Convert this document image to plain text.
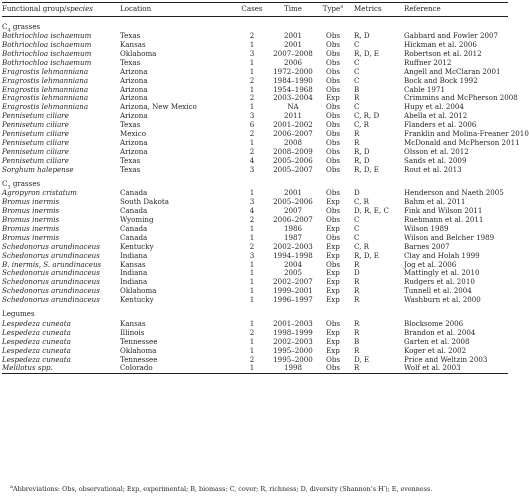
Functional group/species	Location	Cases	Time	Type$^a$	Metrics	Reference
$C_4$ grasses						
Bothriochloa ischaemum	Texas	2	2001	Obs	R, D	Gabbard and Fowler 2007
Bothriochloa ischaemum	Kansas	1	2001	Obs	C	Hickman et al. 2006
Bothriochloa ischaemum	Oklahoma	3	2007–2008	Obs	R, D, E	Robertson et al. 2012
Bothriochloa ischaemum	Texas	1	2006	Obs	C	Ruffner 2012
Eragrostis lehmanniana	Arizona	1	1972–2000	Obs	C	Angell and McClaran 2001
Eragrostis lehmanniana	Arizona	2	1984–1990	Obs	C	Bock and Bock 1992
Eragrostis lehmanniana	Arizona	1	1954–1968	Obs	B	Cable 1971
Eragrostis lehmanniana	Arizona	2	2003–2004	Exp	R	Crimmins and McPherson 2008
Eragrostis lehmanniana	Arizona, New Mexico	1	NA	Obs	C	Hupy et al. 2004
Pennisetum ciliare	Arizona	3	2011	Obs	C, R, D	Abella et al. 2012
Pennisetum ciliare	Texas	6	2001–2002	Obs	C, R	Flanders et al. 2006
Pennisetum ciliare	Mexico	2	2006–2007	Obs	R	Franklin and Molina-Freaner 2010
Pennisetum ciliare	Arizona	1	2008	Obs	R	McDonald and McPherson 2011
Pennisetum ciliare	Arizona	2	2008–2009	Obs	R, D	Olsson et al. 2012
Pennisetum ciliare	Texas	4	2005–2006	Obs	R, D	Sands et al. 2009
Sorghum halepense	Texas	3	2005–2007	Obs	R, D, E	Rout et al. 2013
$C_3$ grasses						
Agropyron cristatum	Canada	1	2001	Obs	D	Henderson and Naeth 2005
Bromus inermis	South Dakota	3	2005–2006	Exp	C, R	Bahm et al. 2011
Bromus inermis	Canada	4	2007	Obs	D, R, E, C	Fink and Wilson 2011
Bromus inermis	Wyoming	2	2006–2007	Obs	C	Ruehmann et al. 2011
Bromus inermis	Canada	1	1986	Exp	C	Wilson 1989
Bromus inermis	Canada	1	1987	Obs	C	Wilson and Belcher 1989
Schedonorus arundinaceus	Kentucky	2	2002–2003	Exp	C, R	Barnes 2007
Schedonorus arundinaceus	Indiana	3	1994–1998	Exp	R, D, E	Clay and Holah 1999
B. inermis, S. arundinaceus	Kansas	1	2004	Obs	R	Jog et al. 2006
Schedonorus arundinaceus	Indiana	1	2005	Exp	D	Mattingly et al. 2010
Schedonorus arundinaceus	Indiana	1	2002–2007	Exp	R	Rudgers et al. 2010
Schedonorus arundinaceus	Oklahoma	1	1999–2001	Exp	R	Tunnell et al. 2004
Schedonorus arundinaceus	Kentucky	1	1996–1997	Exp	R	Washburn et al. 2000
Legumes						
Lespedeza cuneata	Kansas	1	2001–2003	Obs	R	Blocksome 2006
Lespedeza cuneata	Illinois	2	1998–1999	Exp	R	Brandon et al. 2004
Lespedeza cuneata	Tennessee	1	2002–2003	Exp	B	Garten et al. 2008
Lespedeza cuneata	Oklahoma	1	1995–2000	Exp	R	Koger et al. 2002
Lespedeza cuneata	Tennessee	2	1995–2000	Obs	D, E	Price and Weltzin 2003
Melilotus spp.	Colorado	1	1998	Obs	R	Wolf et al. 2003
$^a$Abbreviations: Obs, observational; Exp, experimental; B, biomass; C, cover; R, richness; D, diversity (Shannon’s H′); E, evenness.
